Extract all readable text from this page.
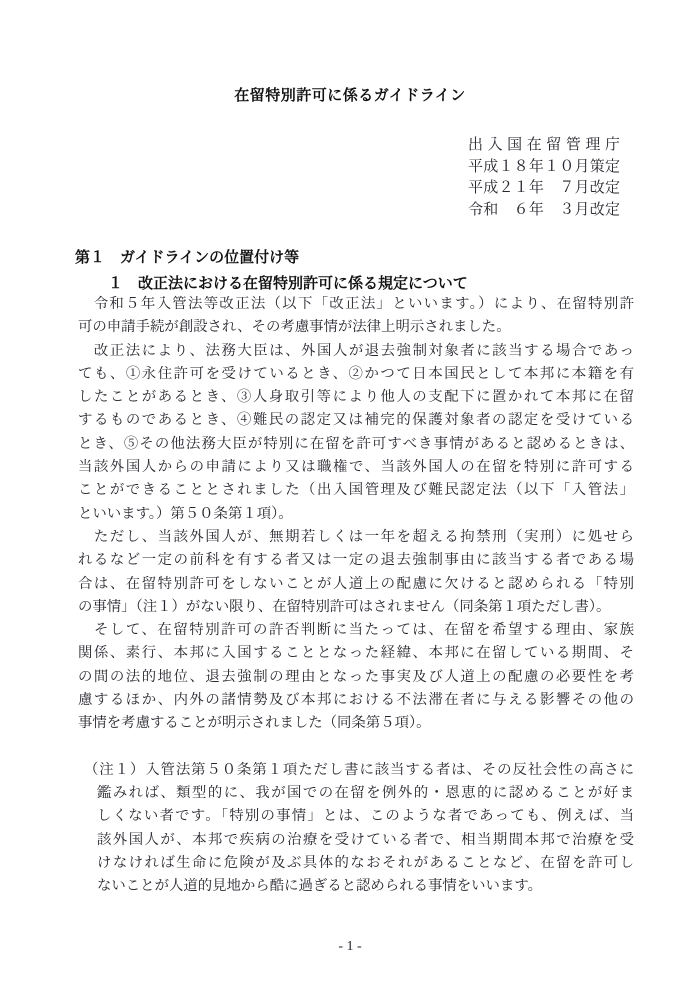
在留特別許可に係るガイドライン
出入国在留管理庁
平成１８年１０月策定
平成２１年　７月改定
令和　６年　３月改定
第１　ガイドラインの位置付け等
１　改正法における在留特別許可に係る規定について
　令和５年入管法等改正法（以下「改正法」といいます。）により、在留特別許
可の申請手続が創設され、その考慮事情が法律上明示されました。
　改正法により、法務大臣は、外国人が退去強制対象者に該当する場合であっ
ても、①永住許可を受けているとき、②かつて日本国民として本邦に本籍を有
したことがあるとき、③人身取引等により他人の支配下に置かれて本邦に在留
するものであるとき、④難民の認定又は補完的保護対象者の認定を受けている
とき、⑤その他法務大臣が特別に在留を許可すべき事情があると認めるときは、
当該外国人からの申請により又は職権で、当該外国人の在留を特別に許可する
ことができることとされました（出入国管理及び難民認定法（以下「入管法」
といいます。）第５０条第１項）。
　ただし、当該外国人が、無期若しくは一年を超える拘禁刑（実刑）に処せら
れるなど一定の前科を有する者又は一定の退去強制事由に該当する者である場
合は、在留特別許可をしないことが人道上の配慮に欠けると認められる「特別
の事情」（注１）がない限り、在留特別許可はされません（同条第１項ただし書）。
　そして、在留特別許可の許否判断に当たっては、在留を希望する理由、家族
関係、素行、本邦に入国することとなった経緯、本邦に在留している期間、そ
の間の法的地位、退去強制の理由となった事実及び人道上の配慮の必要性を考
慮するほか、内外の諸情勢及び本邦における不法滞在者に与える影響その他の
事情を考慮することが明示されました（同条第５項）。
（注１）入管法第５０条第１項ただし書に該当する者は、その反社会性の高さに
鑑みれば、類型的に、我が国での在留を例外的・恩恵的に認めることが好ま
しくない者です。「特別の事情」とは、このような者であっても、例えば、当
該外国人が、本邦で疾病の治療を受けている者で、相当期間本邦で治療を受
けなければ生命に危険が及ぶ具体的なおそれがあることなど、在留を許可し
ないことが人道的見地から酷に過ぎると認められる事情をいいます。
- 1 -
